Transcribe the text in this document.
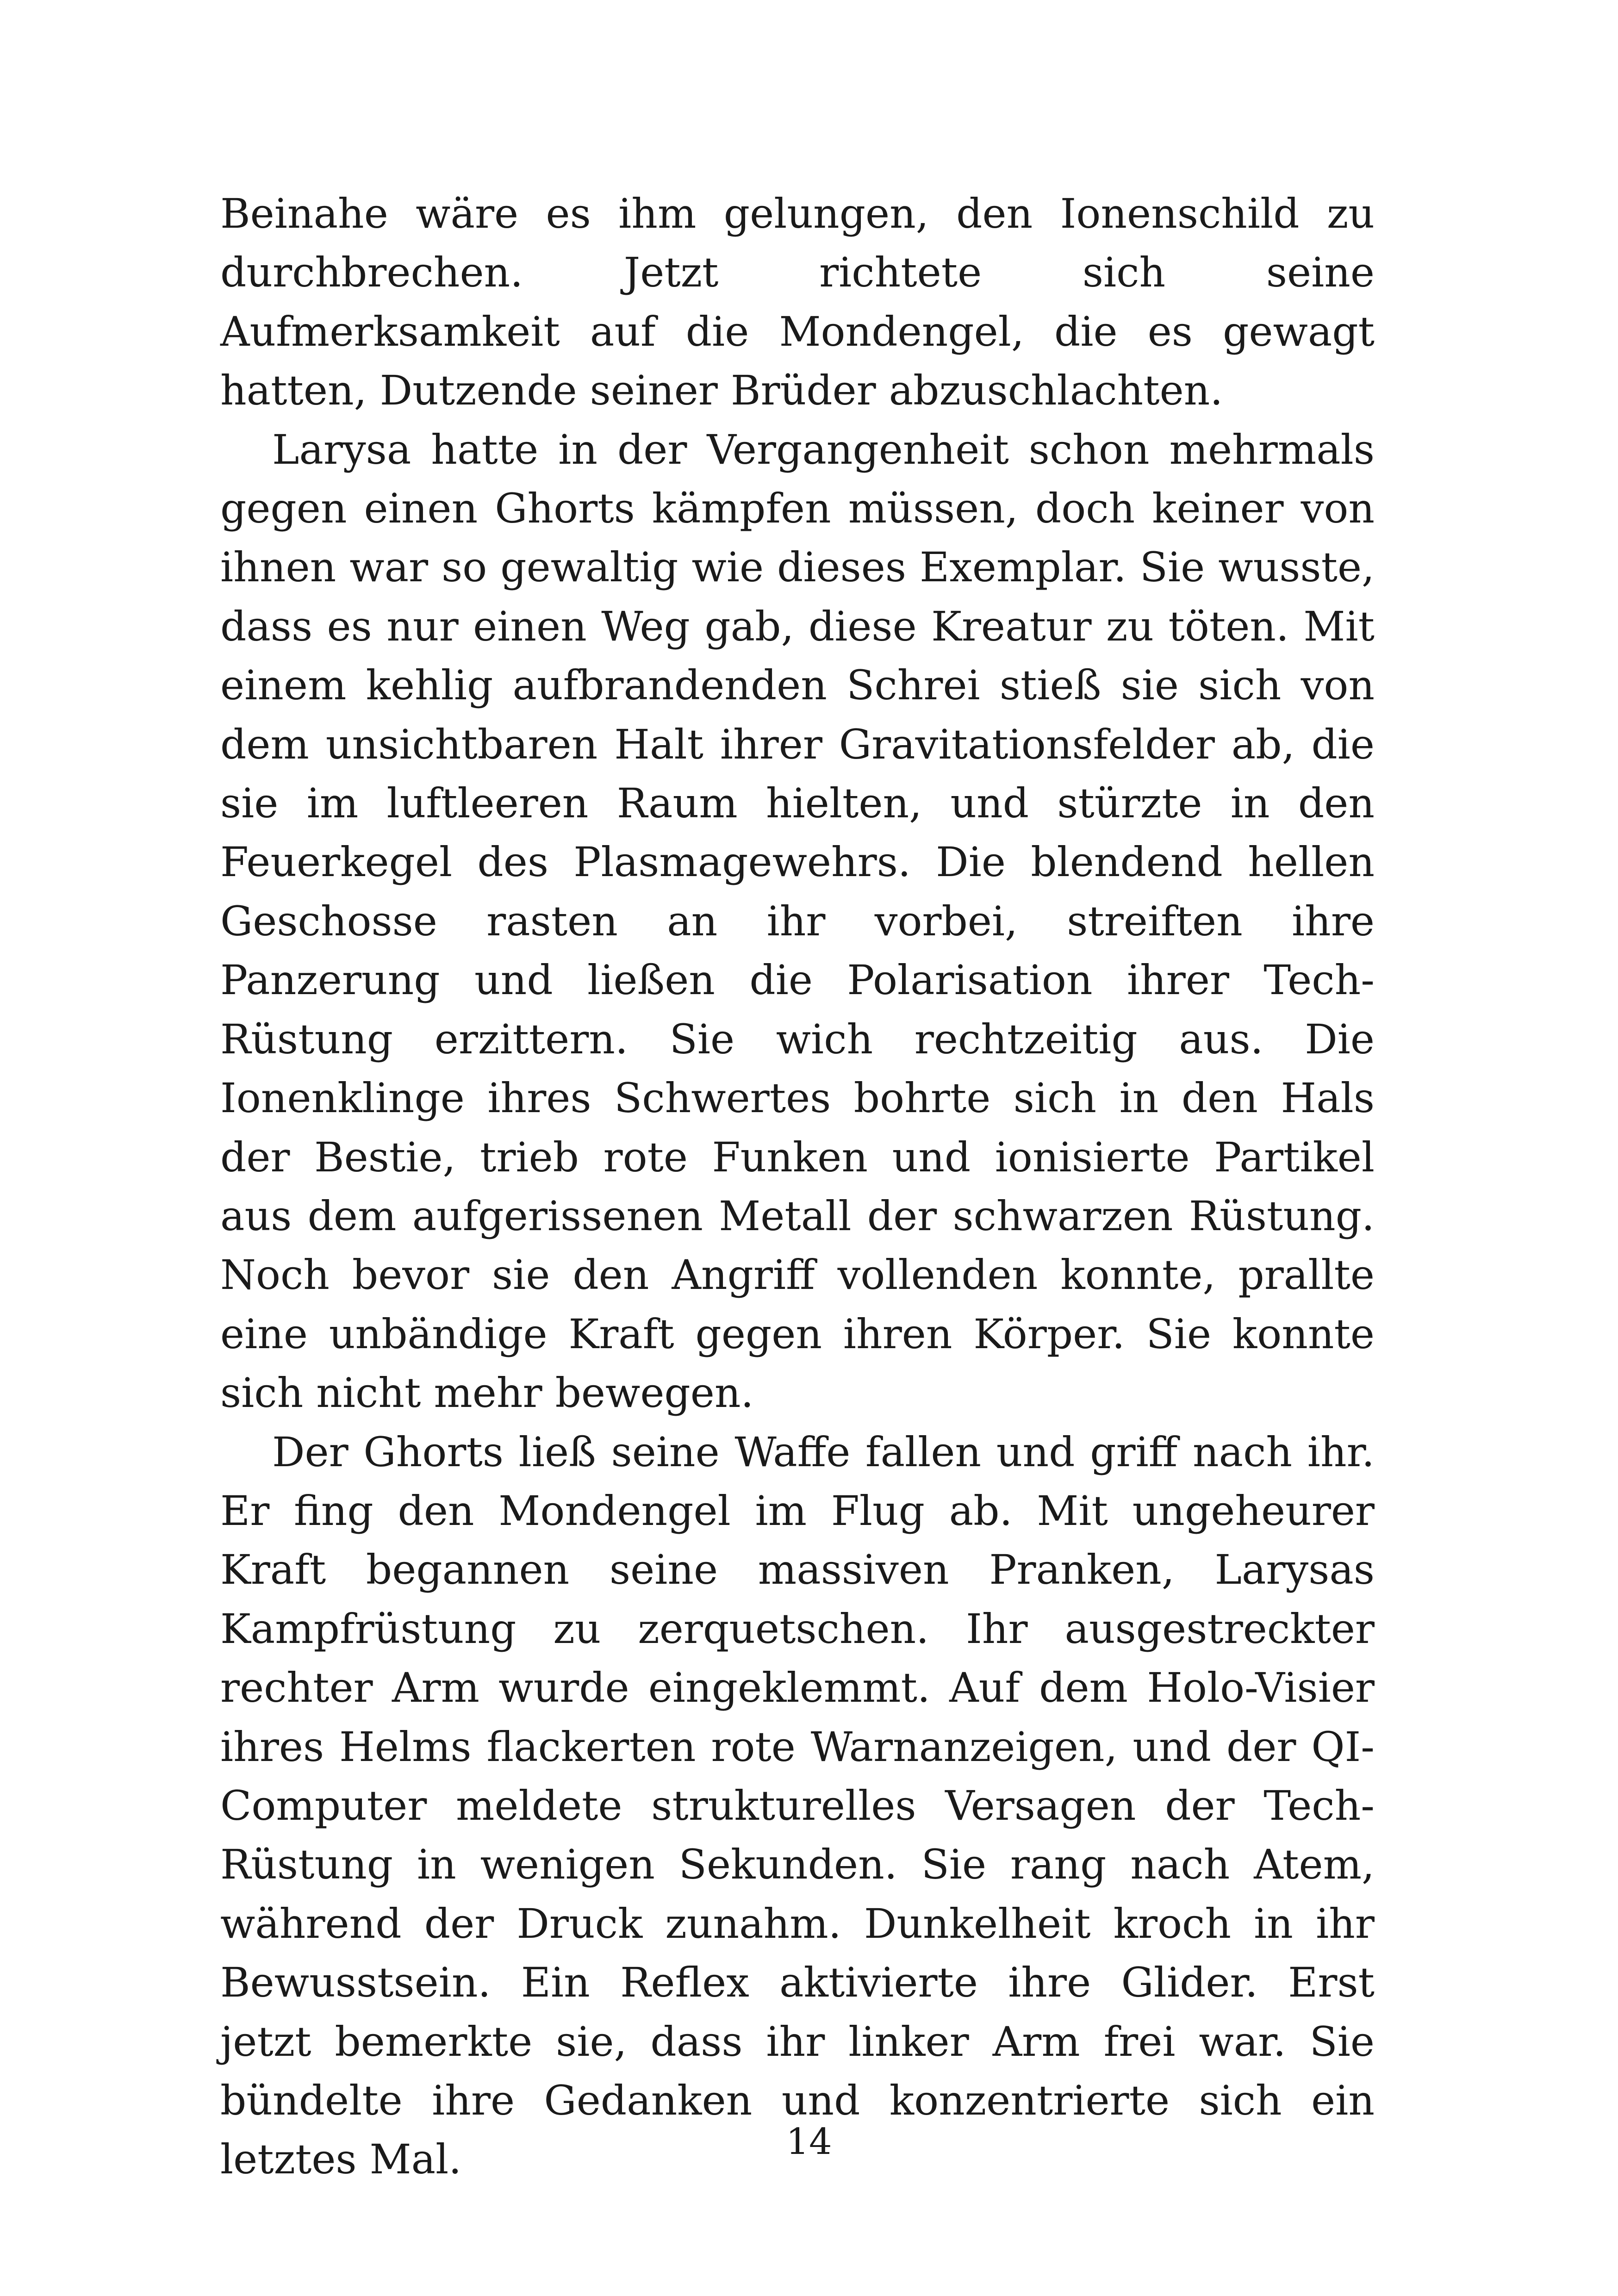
Beinahe wäre es ihm gelungen, den Ionenschild zu durchbrechen. Jetzt richtete sich seine Aufmerksamkeit auf die Mondengel, die es gewagt hatten, Dutzende seiner Brüder abzuschlachten.

Larysa hatte in der Vergangenheit schon mehrmals gegen einen Ghorts kämpfen müssen, doch keiner von ihnen war so gewaltig wie dieses Exemplar. Sie wusste, dass es nur einen Weg gab, diese Kreatur zu töten. Mit einem kehlig aufbrandenden Schrei stieß sie sich von dem unsichtbaren Halt ihrer Gravitationsfelder ab, die sie im luftleeren Raum hielten, und stürzte in den Feuerkegel des Plasmagewehrs. Die blendend hellen Geschosse rasten an ihr vorbei, streiften ihre Panzerung und ließen die Polarisation ihrer Tech-Rüstung erzittern. Sie wich rechtzeitig aus. Die Ionenklinge ihres Schwertes bohrte sich in den Hals der Bestie, trieb rote Funken und ionisierte Partikel aus dem aufgerissenen Metall der schwarzen Rüstung. Noch bevor sie den Angriff vollenden konnte, prallte eine unbändige Kraft gegen ihren Körper. Sie konnte sich nicht mehr bewegen.

Der Ghorts ließ seine Waffe fallen und griff nach ihr. Er fing den Mondengel im Flug ab. Mit ungeheurer Kraft begannen seine massiven Pranken, Larysas Kampfrüstung zu zerquetschen. Ihr ausgestreckter rechter Arm wurde eingeklemmt. Auf dem Holo-Visier ihres Helms flackerten rote Warnanzeigen, und der QI-Computer meldete strukturelles Versagen der Tech-Rüstung in wenigen Sekunden. Sie rang nach Atem, während der Druck zunahm. Dunkelheit kroch in ihr Bewusstsein. Ein Reflex aktivierte ihre Glider. Erst jetzt bemerkte sie, dass ihr linker Arm frei war. Sie bündelte ihre Gedanken und konzentrierte sich ein letztes Mal.	14
